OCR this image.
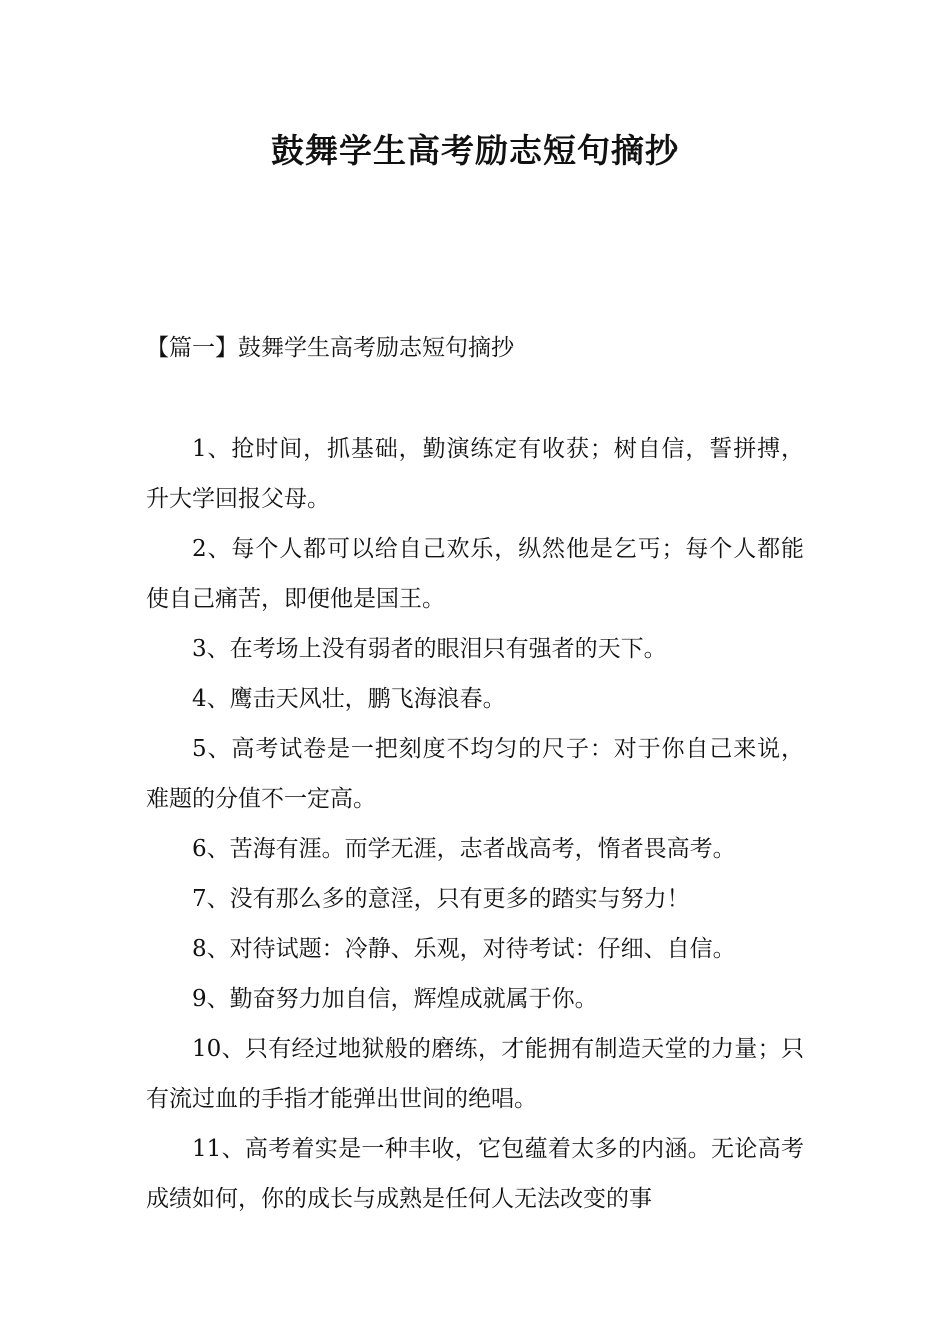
鼓舞学生高考励志短句摘抄
【篇一】鼓舞学生高考励志短句摘抄

1、抢时间，抓基础，勤演练定有收获；树自信，誓拼搏，升大学回报父母。

2、每个人都可以给自己欢乐，纵然他是乞丐；每个人都能使自己痛苦，即便他是国王。

3、在考场上没有弱者的眼泪只有强者的天下。

4、鹰击天风壮，鹏飞海浪春。

5、高考试卷是一把刻度不均匀的尺子：对于你自己来说，难题的分值不一定高。

6、苦海有涯。而学无涯，志者战高考，惰者畏高考。

7、没有那么多的意淫，只有更多的踏实与努力！

8、对待试题：冷静、乐观，对待考试：仔细、自信。

9、勤奋努力加自信，辉煌成就属于你。

10、只有经过地狱般的磨练，才能拥有制造天堂的力量；只有流过血的手指才能弹出世间的绝唱。

11、高考着实是一种丰收，它包蕴着太多的内涵。无论高考成绩如何，你的成长与成熟是任何人无法改变的事
